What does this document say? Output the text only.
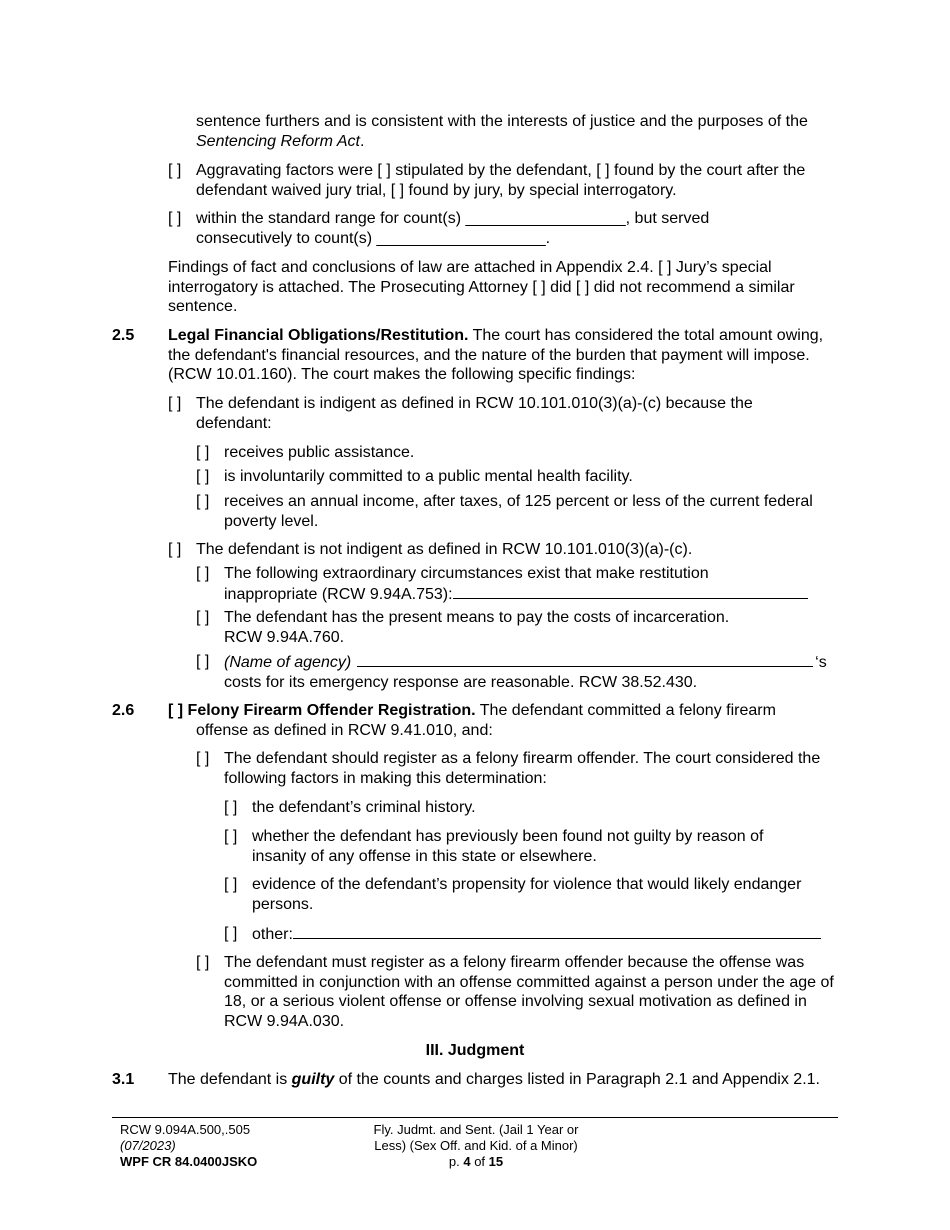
sentence furthers and is consistent with the interests of justice and the purposes of the Sentencing Reform Act.
[ ] Aggravating factors were [ ] stipulated by the defendant, [ ] found by the court after the defendant waived jury trial, [ ] found by jury, by special interrogatory.
[ ] within the standard range for count(s) __________________, but served
consecutively to count(s) ___________________.
Findings of fact and conclusions of law are attached in Appendix 2.4. [ ] Jury’s special interrogatory is attached. The Prosecuting Attorney [ ] did [ ] did not recommend a similar sentence.
2.5 Legal Financial Obligations/Restitution. The court has considered the total amount owing, the defendant's financial resources, and the nature of the burden that payment will impose. (RCW 10.01.160). The court makes the following specific findings:
[ ] The defendant is indigent as defined in RCW 10.101.010(3)(a)-(c) because the defendant:
[ ] receives public assistance.
[ ] is involuntarily committed to a public mental health facility.
[ ] receives an annual income, after taxes, of 125 percent or less of the current federal poverty level.
[ ] The defendant is not indigent as defined in RCW 10.101.010(3)(a)-(c).
[ ] The following extraordinary circumstances exist that make restitution
inappropriate (RCW 9.94A.753):
[ ] The defendant has the present means to pay the costs of incarceration.
RCW 9.94A.760.
[ ] (Name of agency)	‘s
costs for its emergency response are reasonable. RCW 38.52.430.
2.6 [ ] Felony Firearm Offender Registration. The defendant committed a felony firearm offense as defined in RCW 9.41.010, and:
[ ] The defendant should register as a felony firearm offender. The court considered the following factors in making this determination:
[ ] the defendant’s criminal history.
[ ] whether the defendant has previously been found not guilty by reason of insanity of any offense in this state or elsewhere.
[ ] evidence of the defendant’s propensity for violence that would likely endanger persons.
[ ] other:
[ ] The defendant must register as a felony firearm offender because the offense was committed in conjunction with an offense committed against a person under the age of 18, or a serious violent offense or offense involving sexual motivation as defined in RCW 9.94A.030.
III. Judgment
3.1 The defendant is guilty of the counts and charges listed in Paragraph 2.1 and Appendix 2.1.
RCW 9.094A.500,.505
(07/2023)
WPF CR 84.0400JSKO
Fly. Judmt. and Sent. (Jail 1 Year or
Less) (Sex Off. and Kid. of a Minor)
p. 4 of 15
